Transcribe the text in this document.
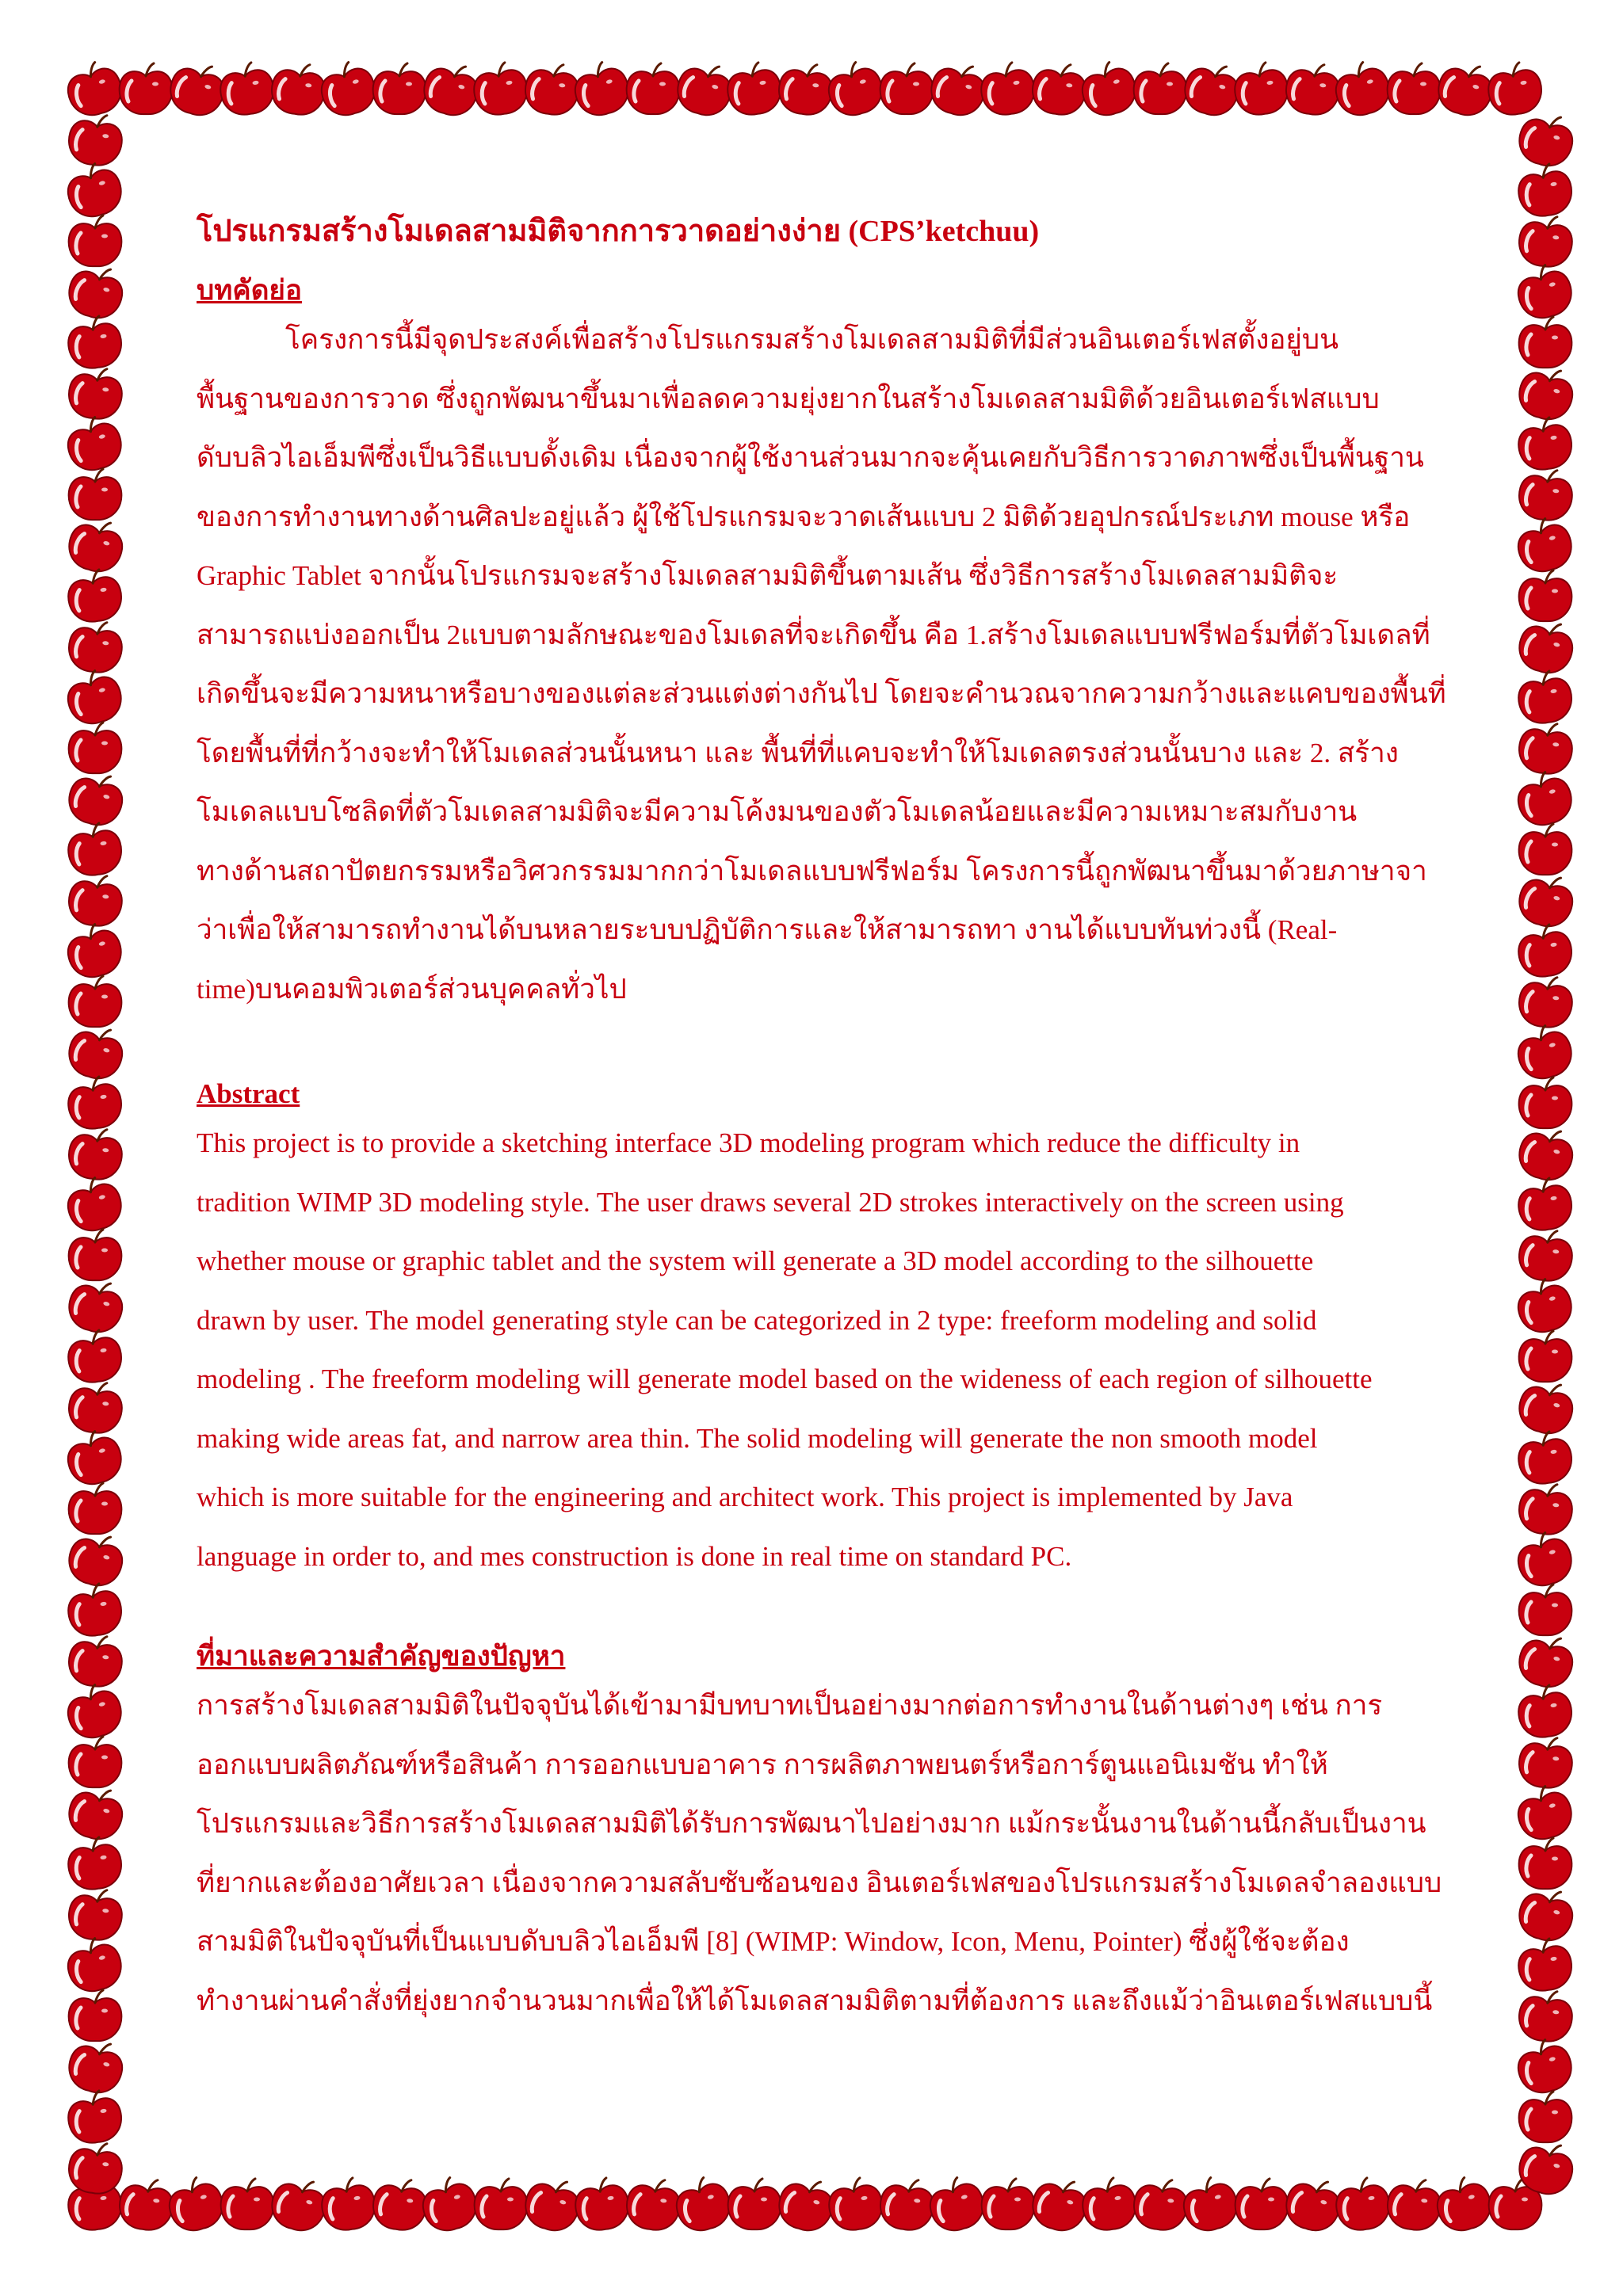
โปรแกรมสร้างโมเดลสามมิติจากการวาดอย่างง่าย (CPS’ketchuu)
บทคัดย่อ
โครงการนี้มีจุดประสงค์เพื่อสร้างโปรแกรมสร้างโมเดลสามมิติที่มีส่วนอินเตอร์เฟสตั้งอยู่บน
พื้นฐานของการวาด ซึ่งถูกพัฒนาขึ้นมาเพื่อลดความยุ่งยากในสร้างโมเดลสามมิติด้วยอินเตอร์เฟสแบบ
ดับบลิวไอเอ็มพีซึ่งเป็นวิธีแบบดั้งเดิม เนื่องจากผู้ใช้งานส่วนมากจะคุ้นเคยกับวิธีการวาดภาพซึ่งเป็นพื้นฐาน
ของการทำงานทางด้านศิลปะอยู่แล้ว ผู้ใช้โปรแกรมจะวาดเส้นแบบ 2 มิติด้วยอุปกรณ์ประเภท mouse หรือ
Graphic Tablet จากนั้นโปรแกรมจะสร้างโมเดลสามมิติขึ้นตามเส้น ซึ่งวิธีการสร้างโมเดลสามมิติจะ
สามารถแบ่งออกเป็น 2แบบตามลักษณะของโมเดลที่จะเกิดขึ้น คือ 1.สร้างโมเดลแบบฟรีฟอร์มที่ตัวโมเดลที่
เกิดขึ้นจะมีความหนาหรือบางของแต่ละส่วนแต่งต่างกันไป โดยจะคำนวณจากความกว้างและแคบของพื้นที่
โดยพื้นที่ที่กว้างจะทำให้โมเดลส่วนนั้นหนา และ พื้นที่ที่แคบจะทำให้โมเดลตรงส่วนนั้นบาง และ 2. สร้าง
โมเดลแบบโซลิดที่ตัวโมเดลสามมิติจะมีความโค้งมนของตัวโมเดลน้อยและมีความเหมาะสมกับงาน
ทางด้านสถาปัตยกรรมหรือวิศวกรรมมากกว่าโมเดลแบบฟรีฟอร์ม โครงการนี้ถูกพัฒนาขึ้นมาด้วยภาษาจา
ว่าเพื่อให้สามารถทำงานได้บนหลายระบบปฏิบัติการและให้สามารถทา งานได้แบบทันท่วงนี้ (Real-
time)บนคอมพิวเตอร์ส่วนบุคคลทั่วไป
Abstract
This project is to provide a sketching interface 3D modeling program which reduce the difficulty in
tradition WIMP 3D modeling style. The user draws several 2D strokes interactively on the screen using
whether mouse or graphic tablet and the system will generate a 3D model according to the silhouette
drawn by user. The model generating style can be categorized in 2 type: freeform modeling and solid
modeling . The freeform modeling will generate model based on the wideness of each region of silhouette
making wide areas fat, and narrow area thin. The solid modeling will generate the non smooth model
which is more suitable for the engineering and architect work. This project is implemented by Java
language in order to, and mes construction is done in real time on standard PC.
ที่มาและความสำคัญของปัญหา
การสร้างโมเดลสามมิติในปัจจุบันได้เข้ามามีบทบาทเป็นอย่างมากต่อการทำงานในด้านต่างๆ เช่น การ
ออกแบบผลิตภัณฑ์หรือสินค้า การออกแบบอาคาร การผลิตภาพยนตร์หรือการ์ตูนแอนิเมชัน ทำให้
โปรแกรมและวิธีการสร้างโมเดลสามมิติได้รับการพัฒนาไปอย่างมาก แม้กระนั้นงานในด้านนี้กลับเป็นงาน
ที่ยากและต้องอาศัยเวลา เนื่องจากความสลับซับซ้อนของ อินเตอร์เฟสของโปรแกรมสร้างโมเดลจำลองแบบ
สามมิติในปัจจุบันที่เป็นแบบดับบลิวไอเอ็มพี [8] (WIMP: Window, Icon, Menu, Pointer) ซึ่งผู้ใช้จะต้อง
ทำงานผ่านคำสั่งที่ยุ่งยากจำนวนมากเพื่อให้ได้โมเดลสามมิติตามที่ต้องการ และถึงแม้ว่าอินเตอร์เฟสแบบนี้
